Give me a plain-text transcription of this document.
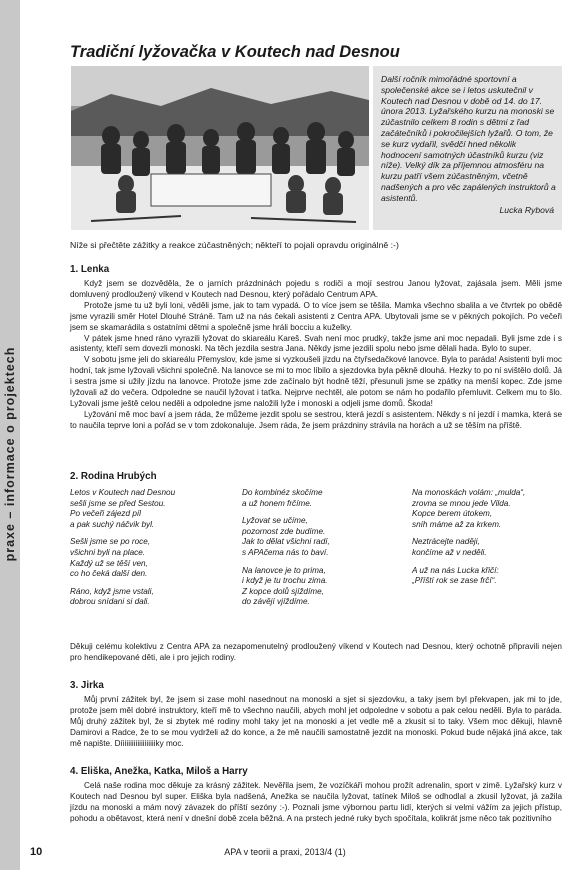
praxe – informace o projektech
Tradiční lyžovačka v Koutech nad Desnou

Další ročník mimořádné sportovní a společenské akce se i letos uskutečnil v Koutech nad Desnou v době od 14. do 17. února 2013. Lyžařského kurzu na monoski se zúčastnilo celkem 8 rodin s dětmi z řad začátečníků i pokročilejších lyžařů. O tom, že se kurz vydařil, svědčí hned několik hodnocení samotných účastníků kurzu (viz níže). Velký dík za příjemnou atmosféru na kurzu patří všem zúčastněným, včetně nadšených a pro věc zapálených instruktorů a asistentů.

Lucka Rybová
Níže si přečtěte zážitky a reakce zúčastněných; někteří to pojali opravdu originálně :-)
1. Lenka

Když jsem se dozvěděla, že o jarních prázdninách pojedu s rodiči a mojí sestrou Janou lyžovat, zajásala jsem. Měli jsme domluvený prodloužený víkend v Koutech nad Desnou, který pořádalo Centrum APA.

Protože jsme tu už byli loni, věděli jsme, jak to tam vypadá. O to více jsem se těšila. Mamka všechno sbalila a ve čtvrtek po obědě jsme vyrazili směr Hotel Dlouhé Stráně. Tam už na nás čekali asistenti z Centra APA. Ubytovali jsme se v pěkných pokojích. Po večeři jsem se skamarádila s ostatními dětmi a společně jsme hráli bocciu a kuželky.

V pátek jsme hned ráno vyrazili lyžovat do skiareálu Kareš. Svah není moc prudký, takže jsme ani moc nepadali. Byli jsme zde i s asistenty, kteří sem dovezli monoski. Na těch jezdila sestra Jana. Někdy jsme jezdili spolu nebo jsme dělali hada. Bylo to super.

V sobotu jsme jeli do skiareálu Přemyslov, kde jsme si vyzkoušeli jízdu na čtyřsedačkové lanovce. Byla to paráda! Asistenti byli moc hodní, tak jsme lyžovali všichni společně. Na lanovce se mi to moc líbilo a sjezdovka byla pěkně dlouhá. Hezky to po ní svištělo dolů. Já i sestra jsme si užily jízdu na lanovce. Protože jsme zde začínalo být hodně těží, přesunuli jsme se zpátky na menší kopec. Zde jsme lyžovali až do večera. Odpoledne se naučil lyžovat i taťka. Nejprve nechtěl, ale potom se nám ho podařilo přemluvit. Celkem mu to šlo. Lyžovali jsme ještě celou neděli a odpoledne jsme naložili lyže i monoski a odjeli jsme domů. Škoda!

Lyžování mě moc baví a jsem ráda, že můžeme jezdit spolu se sestrou, která jezdí s asistentem. Někdy s ní jezdí i mamka, která se to naučila teprve loni a pořád se v tom zdokonaluje. Jsem ráda, že jsem prázdniny strávila na horách a už se těším na příště.

2. Rodina Hrubých
Letos v Koutech nad Desnou
sešli jsme se před Sestou.
Po večeři zájezd píl
a pak suchý náčvik byl.
Sešli jsme se po roce,
všichni byli na place.
Každý už se těší ven,
co ho čeká další den.
Ráno, když jsme vstali,
dobrou snídani si dali.
Do kombinéz skočíme
a už honem frčíme.
Lyžovat se učíme,
pozornost zde budíme.
Jak to dělat všichni radí,
s APAčema nás to baví.
Na lanovce je to prima,
i když je tu trochu zima.
Z kopce dolů sjíždíme,
do závějí vjíždíme.
Na monoskách volám: „mulda“,
zrovna se mnou jede Vilda.
Kopce berem útokem,
sníh máme až za krkem.
Neztrácejte naději,
končíme až v neděli.
A už na nás Lucka křičí:
„Příští rok se zase frčí“.

Děkuji celému kolektivu z Centra APA za nezapomenutelný prodloužený víkend v Koutech nad Desnou, který ochotně připravili nejen pro hendikepované děti, ale i pro jejich rodiny.

3. Jirka

Můj první zážitek byl, že jsem si zase mohl nasednout na monoski a sjet si sjezdovku, a taky jsem byl překvapen, jak mi to jde, protože jsem měl dobré instruktory, kteří mě to všechno naučili, abych mohl jet odpoledne v sobotu a pak celou neděli. Byla to paráda. Můj druhý zážitek byl, že si zbytek mé rodiny mohl taky jet na monoski a jet vedle mě a zkusit si to taky. Všem moc děkuji, hlavně Damirovi a Radce, že to se mou vydrželi až do konce, a že mě naučili samostatně jezdit na monoski. Pokud bude nějaká jiná akce, tak mě napište. Díiiiiiiiiiiiiiiiiiiky moc.

4. Eliška, Anežka, Katka, Miloš a Harry

Celá naše rodina moc děkuje za krásný zážitek. Nevěřila jsem, že vozíčkáři mohou prožít adrenalin, sport v zimě. Lyžařský kurz v Koutech nad Desnou byl super. Eliška byla nadšená, Anežka se naučila lyžovat, tatínek Miloš se odhodlal a zkusil lyžovat, já zažila jízdu na monoski a mám nový závazek do příští sezóny :-). Poznali jsme výbornou partu lidí, kterých si velmi vážím za jejich přístup, pohodu a obětavost, která není v dnešní době zcela běžná. A na prstech jedné ruky bych spočítala, kolikrát jsme něco tak pozitivního

10	APA v teorii a praxi, 2013/4 (1)
